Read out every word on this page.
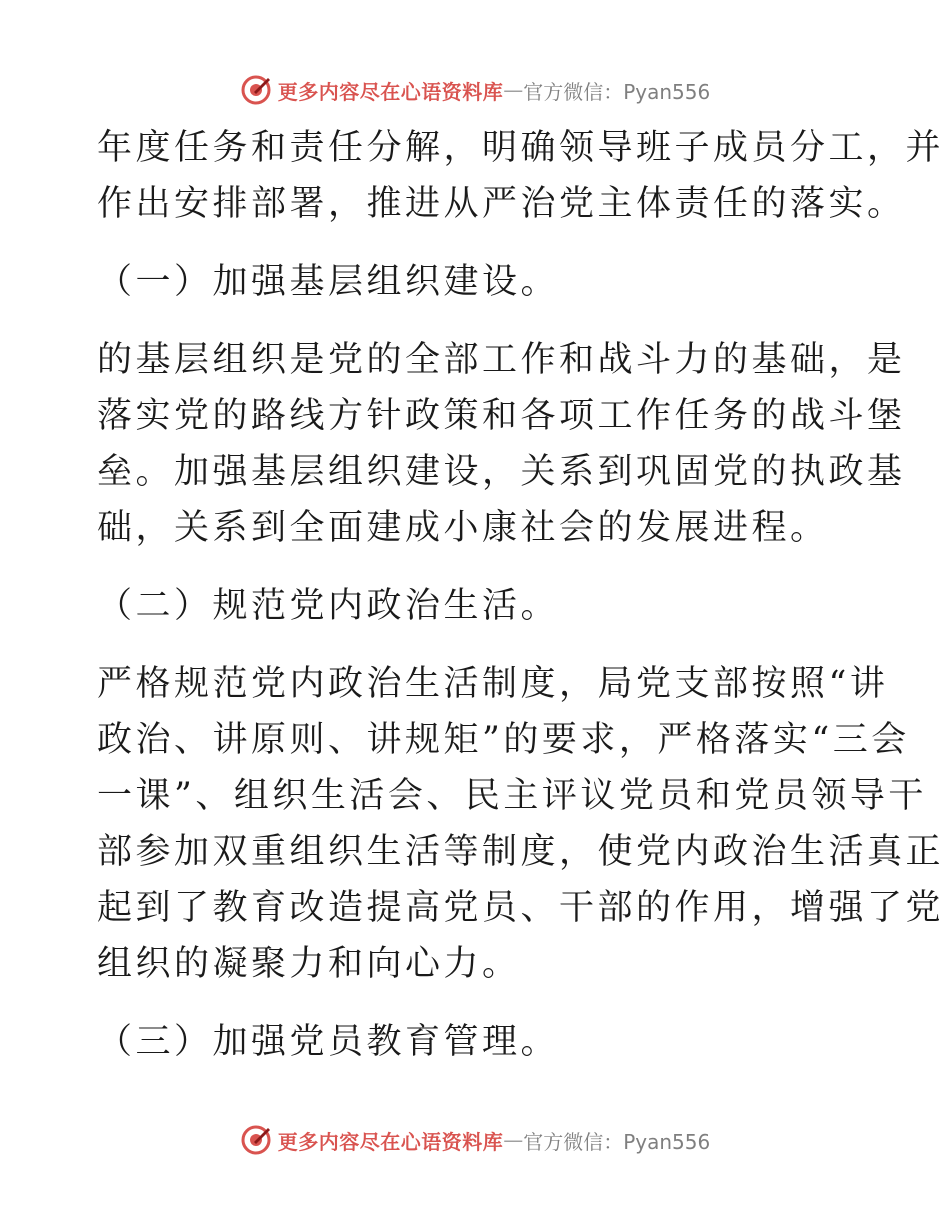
更多内容尽在心语资料库 — 官方微信：Pyan556

年度任务和责任分解，明确领导班子成员分工，并

作出安排部署，推进从严治党主体责任的落实。

（一）加强基层组织建设。

的基层组织是党的全部工作和战斗力的基础，是

落实党的路线方针政策和各项工作任务的战斗堡

垒。加强基层组织建设，关系到巩固党的执政基

础，关系到全面建成小康社会的发展进程。

（二）规范党内政治生活。

严格规范党内政治生活制度，局党支部按照“讲

政治、讲原则、讲规矩”的要求，严格落实“三会

一课”、组织生活会、民主评议党员和党员领导干

部参加双重组织生活等制度，使党内政治生活真正

起到了教育改造提高党员、干部的作用，增强了党

组织的凝聚力和向心力。

（三）加强党员教育管理。

更多内容尽在心语资料库 — 官方微信：Pyan556
